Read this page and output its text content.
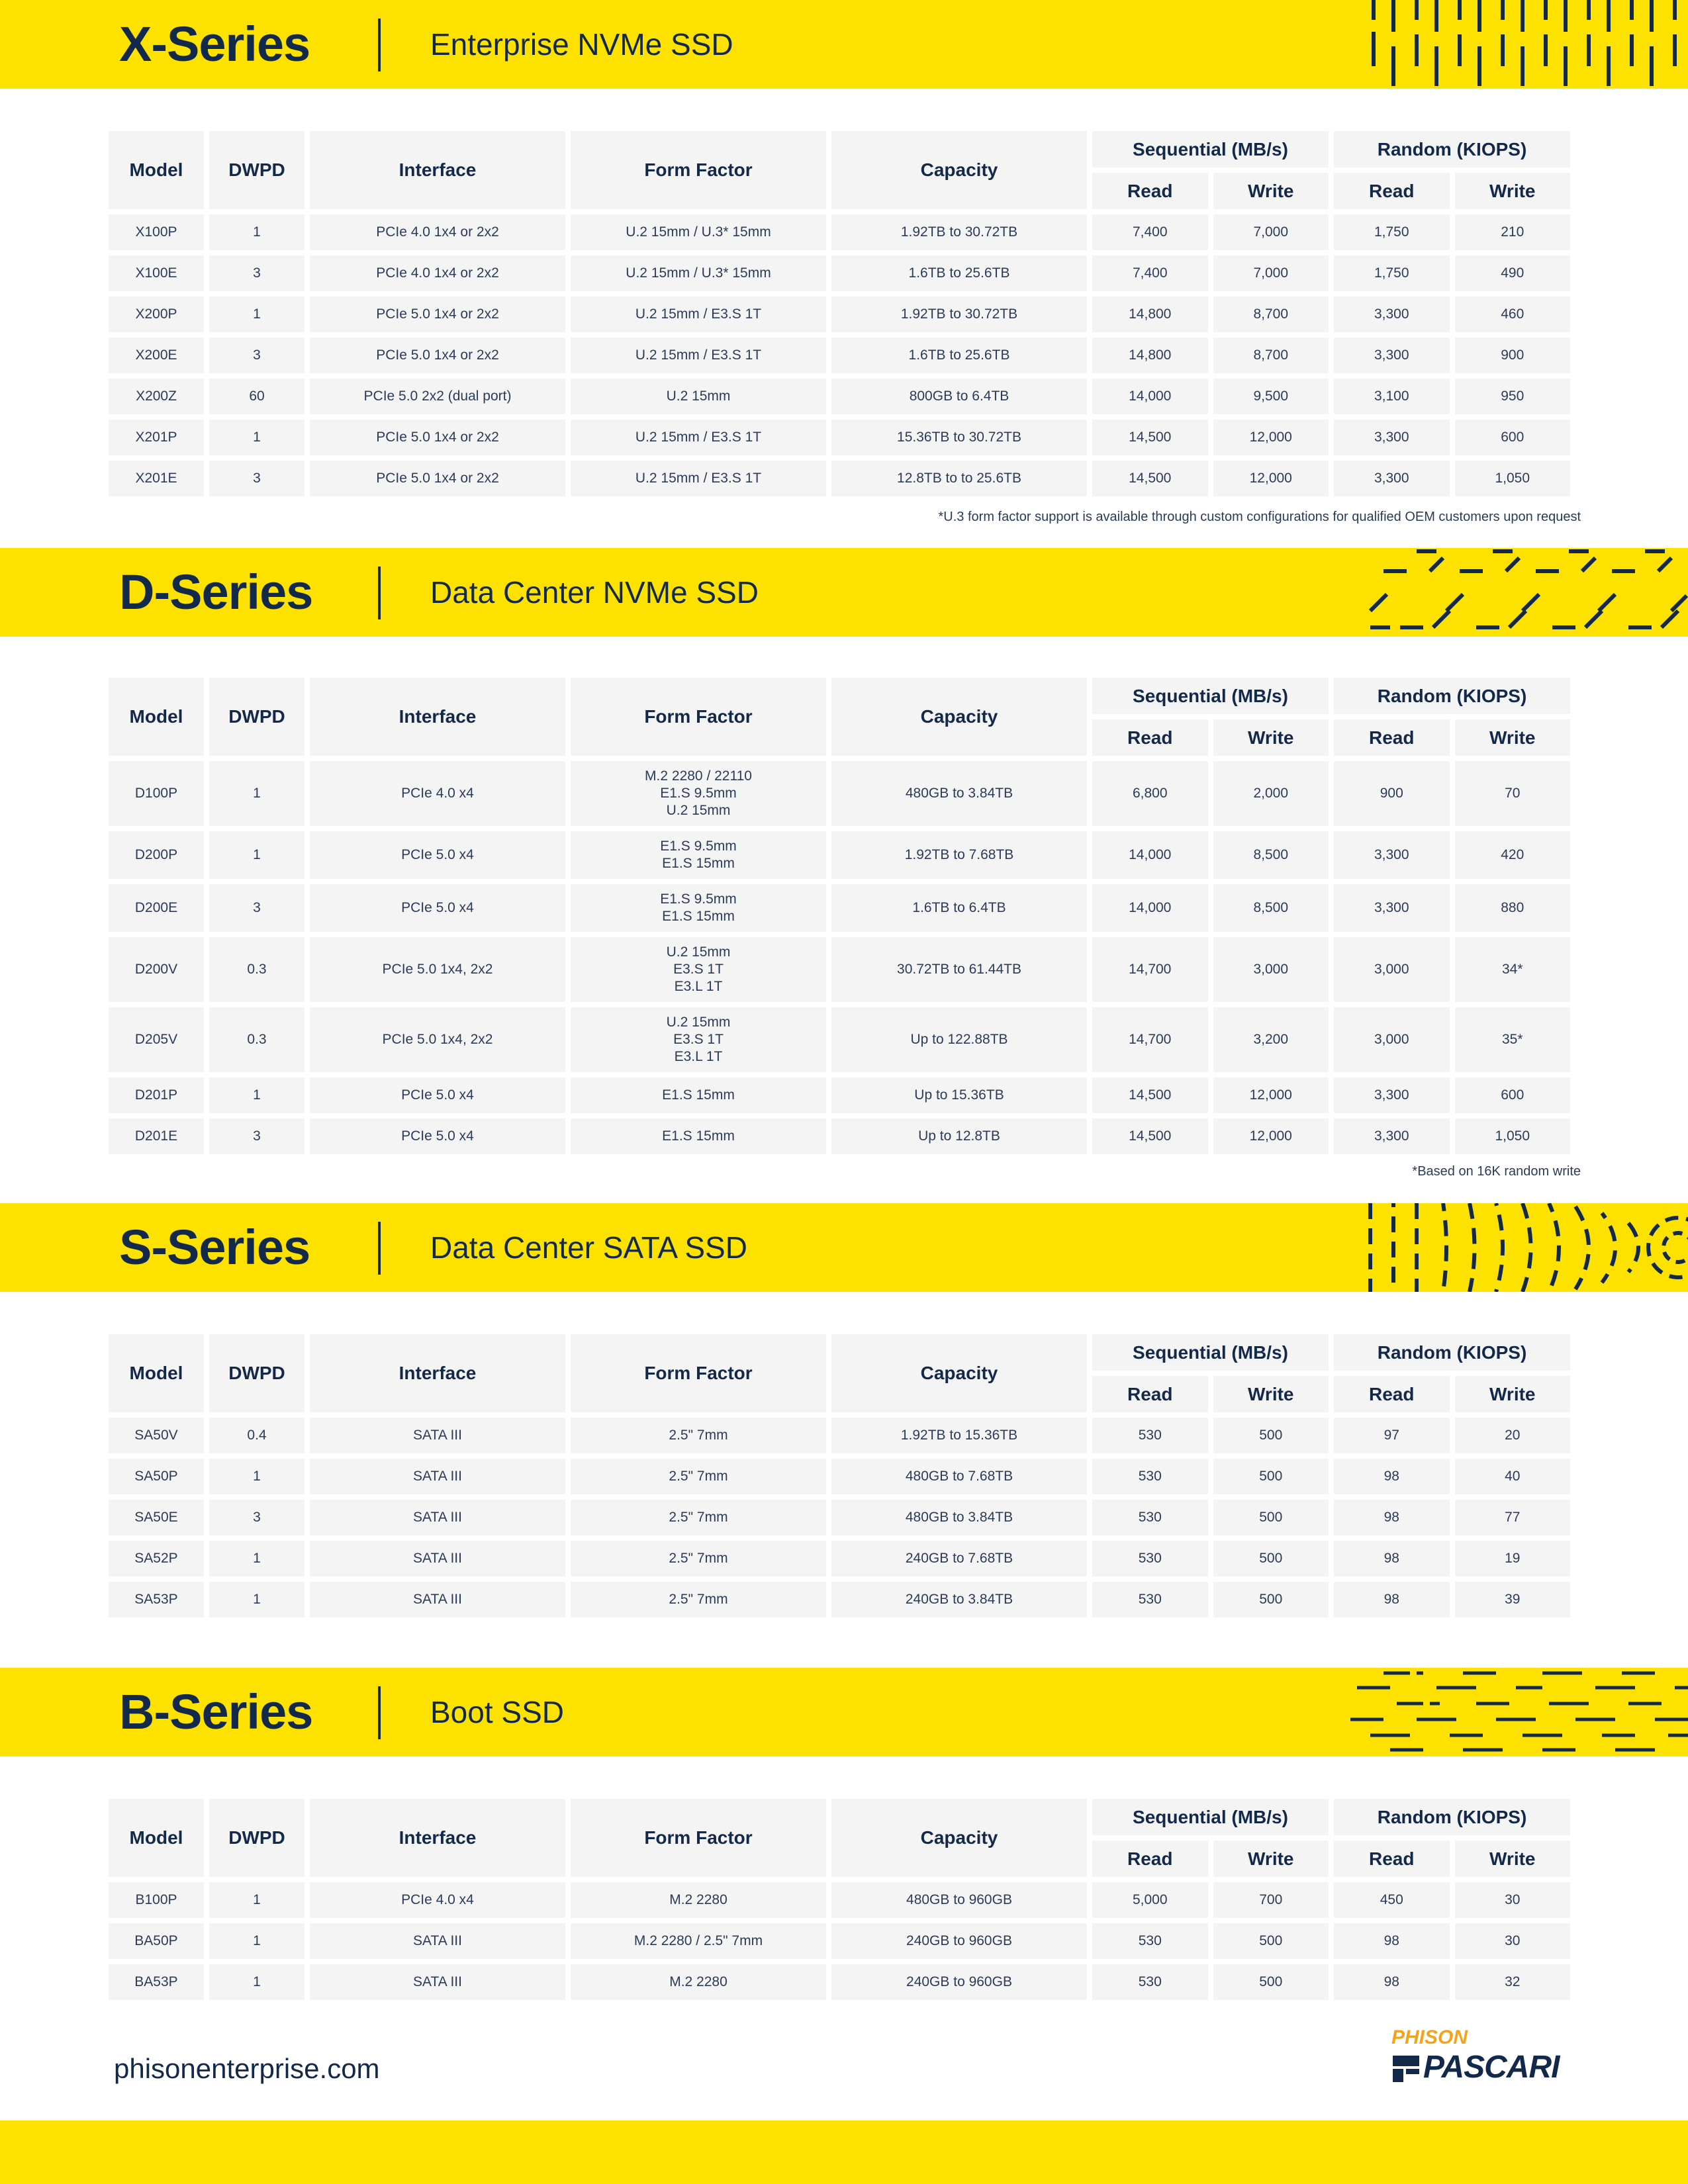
X-Series	Enterprise NVMe SSD
Model	DWPD	Interface	Form Factor	Capacity	Sequential (MB/s)		Random (KIOPS)	
					Read	Write	Read	Write
X100P	1	PCIe 4.0 1x4 or 2x2	U.2 15mm / U.3* 15mm	1.92TB to 30.72TB	7,400	7,000	1,750	210
X100E	3	PCIe 4.0 1x4 or 2x2	U.2 15mm / U.3* 15mm	1.6TB to 25.6TB	7,400	7,000	1,750	490
X200P	1	PCIe 5.0 1x4 or 2x2	U.2 15mm / E3.S 1T	1.92TB to 30.72TB	14,800	8,700	3,300	460
X200E	3	PCIe 5.0 1x4 or 2x2	U.2 15mm / E3.S 1T	1.6TB to 25.6TB	14,800	8,700	3,300	900
X200Z	60	PCIe 5.0 2x2 (dual port)	U.2 15mm	800GB to 6.4TB	14,000	9,500	3,100	950
X201P	1	PCIe 5.0 1x4 or 2x2	U.2 15mm / E3.S 1T	15.36TB to 30.72TB	14,500	12,000	3,300	600
X201E	3	PCIe 5.0 1x4 or 2x2	U.2 15mm / E3.S 1T	12.8TB to to 25.6TB	14,500	12,000	3,300	1,050
*U.3 form factor support is available through custom configurations for qualified OEM customers upon request
D-Series	Data Center NVMe SSD
Model	DWPD	Interface	Form Factor	Capacity	Sequential (MB/s)		Random (KIOPS)	
					Read	Write	Read	Write
D100P	1	PCIe 4.0 x4	M.2 2280 / 22110
E1.S 9.5mm
U.2 15mm	480GB to 3.84TB	6,800	2,000	900	70
D200P	1	PCIe 5.0 x4	E1.S 9.5mm
E1.S 15mm	1.92TB to 7.68TB	14,000	8,500	3,300	420
D200E	3	PCIe 5.0 x4	E1.S 9.5mm
E1.S 15mm	1.6TB to 6.4TB	14,000	8,500	3,300	880
D200V	0.3	PCIe 5.0 1x4, 2x2	U.2 15mm
E3.S 1T
E3.L 1T	30.72TB to 61.44TB	14,700	3,000	3,000	34*
D205V	0.3	PCIe 5.0 1x4, 2x2	U.2 15mm
E3.S 1T
E3.L 1T	Up to 122.88TB	14,700	3,200	3,000	35*
D201P	1	PCIe 5.0 x4	E1.S 15mm	Up to 15.36TB	14,500	12,000	3,300	600
D201E	3	PCIe 5.0 x4	E1.S 15mm	Up to 12.8TB	14,500	12,000	3,300	1,050
*Based on 16K random write
S-Series	Data Center SATA SSD
Model	DWPD	Interface	Form Factor	Capacity	Sequential (MB/s)		Random (KIOPS)	
					Read	Write	Read	Write
SA50V	0.4	SATA III	2.5" 7mm	1.92TB to 15.36TB	530	500	97	20
SA50P	1	SATA III	2.5" 7mm	480GB to 7.68TB	530	500	98	40
SA50E	3	SATA III	2.5" 7mm	480GB to 3.84TB	530	500	98	77
SA52P	1	SATA III	2.5" 7mm	240GB to 7.68TB	530	500	98	19
SA53P	1	SATA III	2.5" 7mm	240GB to 3.84TB	530	500	98	39
B-Series	Boot SSD
Model	DWPD	Interface	Form Factor	Capacity	Sequential (MB/s)		Random (KIOPS)	
					Read	Write	Read	Write
B100P	1	PCIe 4.0 x4	M.2 2280	480GB to 960GB	5,000	700	450	30
BA50P	1	SATA III	M.2 2280 / 2.5" 7mm	240GB to 960GB	530	500	98	30
BA53P	1	SATA III	M.2 2280	240GB to 960GB	530	500	98	32
phisonenterprise.com
PHISON
PASCARI
